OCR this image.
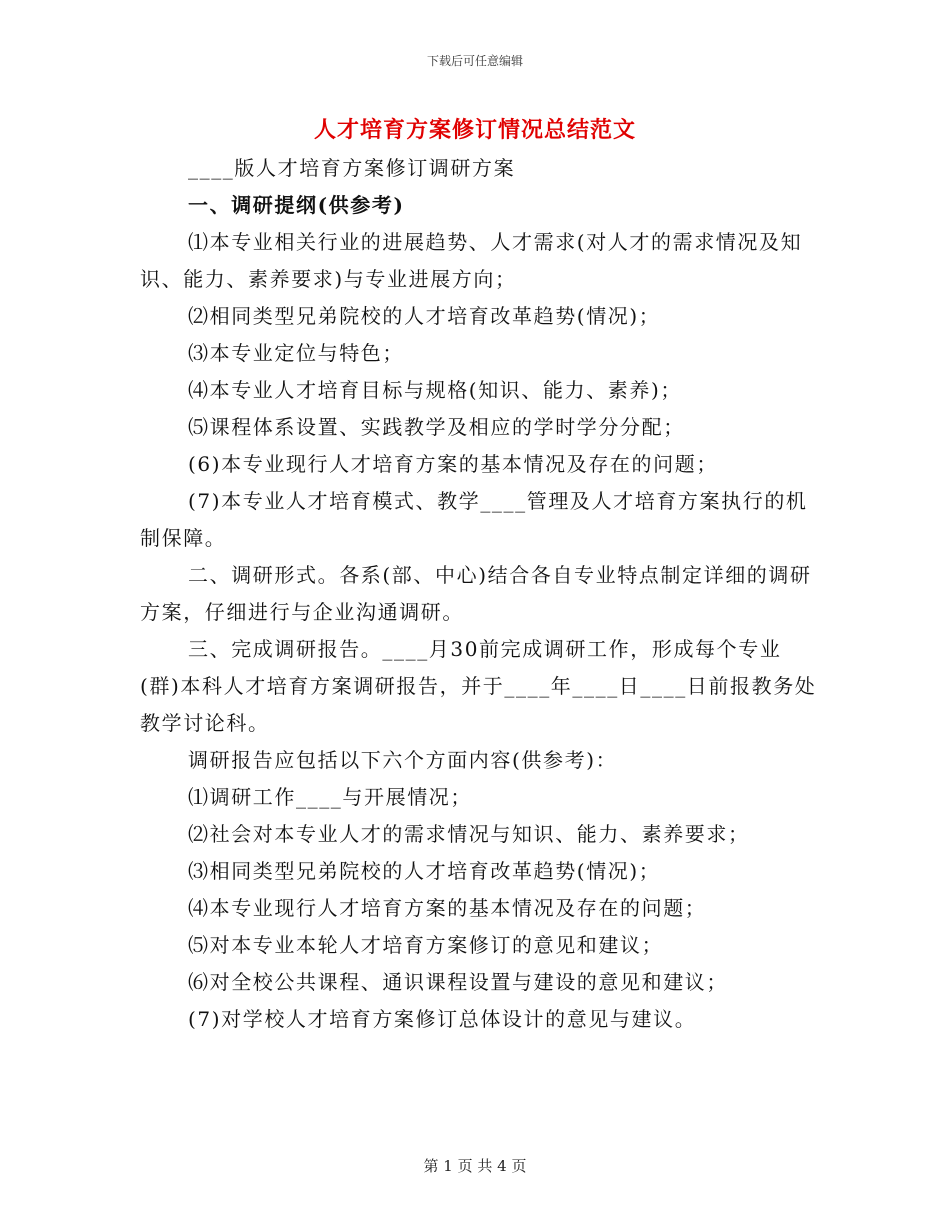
下载后可任意编辑
人才培育方案修订情况总结范文

____版人才培育方案修订调研方案

一、调研提纲(供参考)

⑴本专业相关行业的进展趋势、人才需求(对人才的需求情况及知识、能力、素养要求)与专业进展方向；

⑵相同类型兄弟院校的人才培育改革趋势(情况)；

⑶本专业定位与特色；

⑷本专业人才培育目标与规格(知识、能力、素养)；

⑸课程体系设置、实践教学及相应的学时学分分配；

(6)本专业现行人才培育方案的基本情况及存在的问题；

(7)本专业人才培育模式、教学____管理及人才培育方案执行的机制保障。

二、调研形式。各系(部、中心)结合各自专业特点制定详细的调研方案，仔细进行与企业沟通调研。

三、完成调研报告。____月30前完成调研工作，形成每个专业(群)本科人才培育方案调研报告，并于____年____日____日前报教务处教学讨论科。

调研报告应包括以下六个方面内容(供参考)：

⑴调研工作____与开展情况；

⑵社会对本专业人才的需求情况与知识、能力、素养要求；

⑶相同类型兄弟院校的人才培育改革趋势(情况)；

⑷本专业现行人才培育方案的基本情况及存在的问题；

⑸对本专业本轮人才培育方案修订的意见和建议；

⑹对全校公共课程、通识课程设置与建设的意见和建议；

(7)对学校人才培育方案修订总体设计的意见与建议。

第 1 页 共 4 页
